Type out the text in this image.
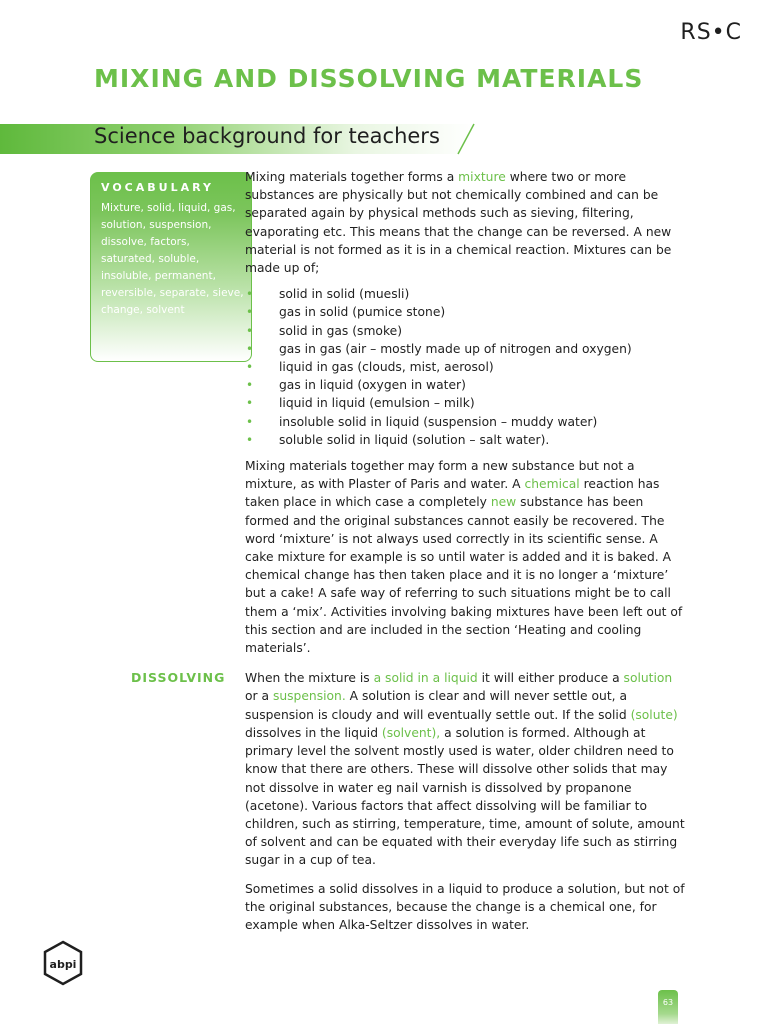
RS•C
MIXING AND DISSOLVING MATERIALS
Science background for teachers
VOCABULARY
Mixture, solid, liquid, gas, solution, suspension, dissolve, factors, saturated, soluble, insoluble, permanent, reversible, separate, sieve, change, solvent
DISSOLVING

Mixing materials together forms a mixture where two or more substances are physically but not chemically combined and can be separated again by physical methods such as sieving, filtering, evaporating etc. This means that the change can be reversed. A new material is not formed as it is in a chemical reaction. Mixtures can be made up of;

• solid in solid (muesli)
• gas in solid (pumice stone)
• solid in gas (smoke)
• gas in gas (air – mostly made up of nitrogen and oxygen)
• liquid in gas (clouds, mist, aerosol)
• gas in liquid (oxygen in water)
• liquid in liquid (emulsion – milk)
• insoluble solid in liquid (suspension – muddy water)
• soluble solid in liquid (solution – salt water).

Mixing materials together may form a new substance but not a mixture, as with Plaster of Paris and water. A chemical reaction has taken place in which case a completely new substance has been formed and the original substances cannot easily be recovered. The word ‘mixture’ is not always used correctly in its scientific sense. A cake mixture for example is so until water is added and it is baked. A chemical change has then taken place and it is no longer a ‘mixture’ but a cake! A safe way of referring to such situations might be to call them a ‘mix’. Activities involving baking mixtures have been left out of this section and are included in the section ‘Heating and cooling materials’.

When the mixture is a solid in a liquid it will either produce a solution or a suspension. A solution is clear and will never settle out, a suspension is cloudy and will eventually settle out. If the solid (solute) dissolves in the liquid (solvent), a solution is formed. Although at primary level the solvent mostly used is water, older children need to know that there are others. These will dissolve other solids that may not dissolve in water eg nail varnish is dissolved by propanone (acetone). Various factors that affect dissolving will be familiar to children, such as stirring, temperature, time, amount of solute, amount of solvent and can be equated with their everyday life such as stirring sugar in a cup of tea.

Sometimes a solid dissolves in a liquid to produce a solution, but not of the original substances, because the change is a chemical one, for example when Alka-Seltzer dissolves in water.

abpi
63
